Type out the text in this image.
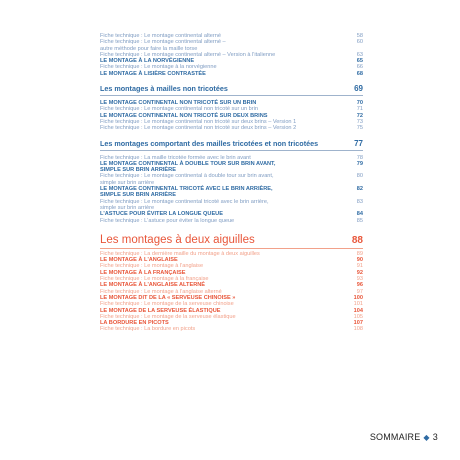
Fiche technique : Le montage continental alterné	58
Fiche technique : Le montage continental alterné –	60
autre méthode pour faire la maille torse
Fiche technique : Le montage continental alterné – Version à l'italienne	63
LE MONTAGE À LA NORVÉGIENNE	65
Fiche technique : Le montage à la norvégienne	66
LE MONTAGE À LISIÈRE CONTRASTÉE	68
Les montages à mailles non tricotées	69
LE MONTAGE CONTINENTAL NON TRICOTÉ SUR UN BRIN	70
Fiche technique : Le montage continental non tricoté sur un brin	71
LE MONTAGE CONTINENTAL NON TRICOTÉ SUR DEUX BRINS	72
Fiche technique : Le montage continental non tricoté sur deux brins – Version 1	73
Fiche technique : Le montage continental non tricoté sur deux brins – Version 2	75
Les montages comportant des mailles tricotées et non tricotées	77
Fiche technique : La maille tricotée formée avec le brin avant	78
LE MONTAGE CONTINENTAL À DOUBLE TOUR SUR BRIN AVANT,	79
SIMPLE SUR BRIN ARRIÈRE
Fiche technique : Le montage continental à double tour sur brin avant,	80
simple sur brin arrière
LE MONTAGE CONTINENTAL TRICOTÉ AVEC LE BRIN ARRIÈRE,	82
SIMPLE SUR BRIN ARRIÈRE
Fiche technique : Le montage continental tricoté avec le brin arrière,	83
simple sur brin arrière
L'ASTUCE POUR ÉVITER LA LONGUE QUEUE	84
Fiche technique : L'astuce pour éviter la longue queue	85
Les montages à deux aiguilles	88
Fiche technique : La dernière maille du montage à deux aiguilles	89
LE MONTAGE À L'ANGLAISE	90
Fiche technique : Le montage à l'anglaise	91
LE MONTAGE À LA FRANÇAISE	92
Fiche technique : Le montage à la française	93
LE MONTAGE À L'ANGLAISE ALTERNÉ	96
Fiche technique : Le montage à l'anglaise alterné	97
LE MONTAGE DIT DE LA « SERVEUSE CHINOISE »	100
Fiche technique : Le montage de la serveuse chinoise	101
LE MONTAGE DE LA SERVEUSE ÉLASTIQUE	104
Fiche technique : Le montage de la serveuse élastique	105
LA BORDURE EN PICOTS	107
Fiche technique : La bordure en picots	108
SOMMAIRE ◆ 3
